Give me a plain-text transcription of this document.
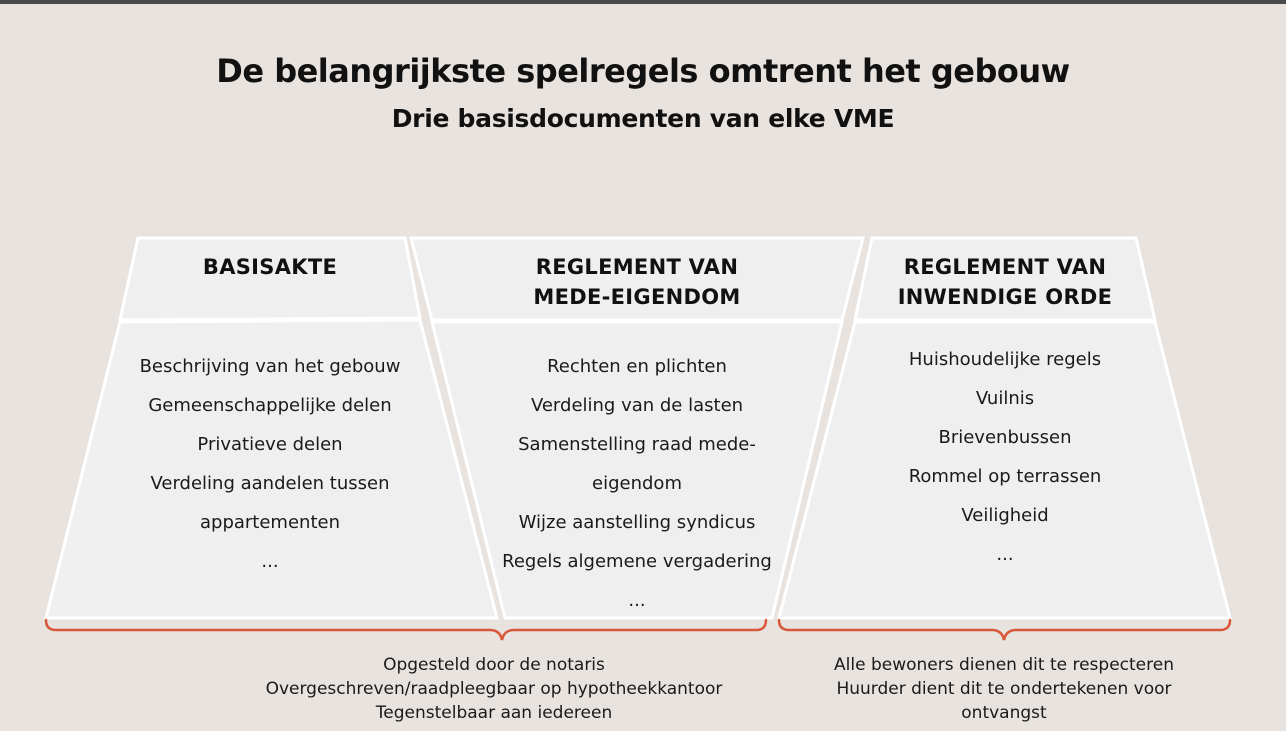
De belangrijkste spelregels omtrent het gebouw
Drie basisdocumenten van elke VME
BASISAKTE	REGLEMENT VAN
MEDE-EIGENDOM
REGLEMENT VAN
INWENDIGE ORDE
Beschrijving van het gebouw
Gemeenschappelijke delen
Privatieve delen
Verdeling aandelen tussen
appartementen
...
Rechten en plichten
Verdeling van de lasten
Samenstelling raad mede-
eigendom
Wijze aanstelling syndicus
Regels algemene vergadering
...
Huishoudelijke regels
Vuilnis
Brievenbussen
Rommel op terrassen
Veiligheid
...
Opgesteld door de notaris
Overgeschreven/raadpleegbaar op hypotheekkantoor
Tegenstelbaar aan iedereen
Alle bewoners dienen dit te respecteren
Huurder dient dit te ondertekenen voor
ontvangst
